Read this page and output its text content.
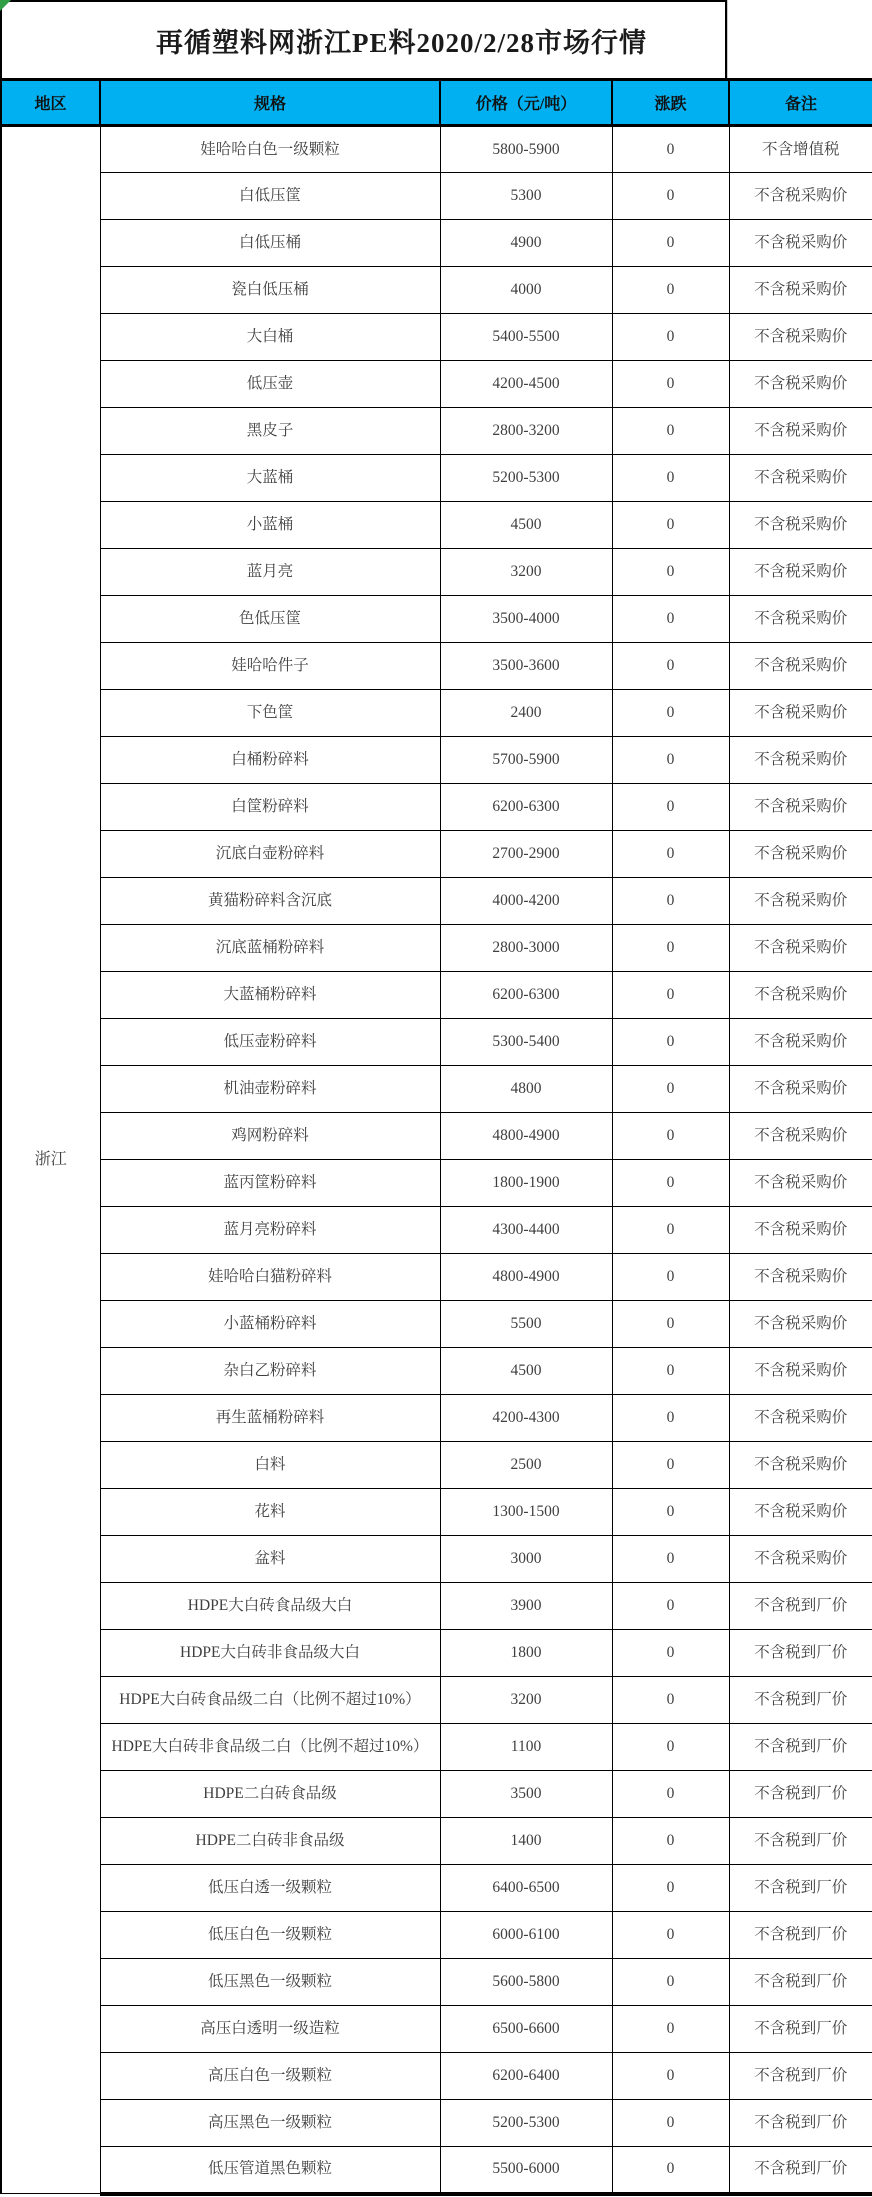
再循塑料网浙江PE料2020/2/28市场行情
地区	规格	价格（元/吨）	涨跌	备注
浙江	娃哈哈白色一级颗粒	5800-5900	0	不含增值税
	白低压筐	5300	0	不含税采购价
	白低压桶	4900	0	不含税采购价
	瓷白低压桶	4000	0	不含税采购价
	大白桶	5400-5500	0	不含税采购价
	低压壶	4200-4500	0	不含税采购价
	黑皮子	2800-3200	0	不含税采购价
	大蓝桶	5200-5300	0	不含税采购价
	小蓝桶	4500	0	不含税采购价
	蓝月亮	3200	0	不含税采购价
	色低压筐	3500-4000	0	不含税采购价
	娃哈哈件子	3500-3600	0	不含税采购价
	下色筐	2400	0	不含税采购价
	白桶粉碎料	5700-5900	0	不含税采购价
	白筐粉碎料	6200-6300	0	不含税采购价
	沉底白壶粉碎料	2700-2900	0	不含税采购价
	黄猫粉碎料含沉底	4000-4200	0	不含税采购价
	沉底蓝桶粉碎料	2800-3000	0	不含税采购价
	大蓝桶粉碎料	6200-6300	0	不含税采购价
	低压壶粉碎料	5300-5400	0	不含税采购价
	机油壶粉碎料	4800	0	不含税采购价
	鸡网粉碎料	4800-4900	0	不含税采购价
	蓝丙筐粉碎料	1800-1900	0	不含税采购价
	蓝月亮粉碎料	4300-4400	0	不含税采购价
	娃哈哈白猫粉碎料	4800-4900	0	不含税采购价
	小蓝桶粉碎料	5500	0	不含税采购价
	杂白乙粉碎料	4500	0	不含税采购价
	再生蓝桶粉碎料	4200-4300	0	不含税采购价
	白料	2500	0	不含税采购价
	花料	1300-1500	0	不含税采购价
	盆料	3000	0	不含税采购价
	HDPE大白砖食品级大白	3900	0	不含税到厂价
	HDPE大白砖非食品级大白	1800	0	不含税到厂价
	HDPE大白砖食品级二白（比例不超过10%）	3200	0	不含税到厂价
	HDPE大白砖非食品级二白（比例不超过10%）	1100	0	不含税到厂价
	HDPE二白砖食品级	3500	0	不含税到厂价
	HDPE二白砖非食品级	1400	0	不含税到厂价
	低压白透一级颗粒	6400-6500	0	不含税到厂价
	低压白色一级颗粒	6000-6100	0	不含税到厂价
	低压黑色一级颗粒	5600-5800	0	不含税到厂价
	高压白透明一级造粒	6500-6600	0	不含税到厂价
	高压白色一级颗粒	6200-6400	0	不含税到厂价
	高压黑色一级颗粒	5200-5300	0	不含税到厂价
	低压管道黑色颗粒	5500-6000	0	不含税到厂价
